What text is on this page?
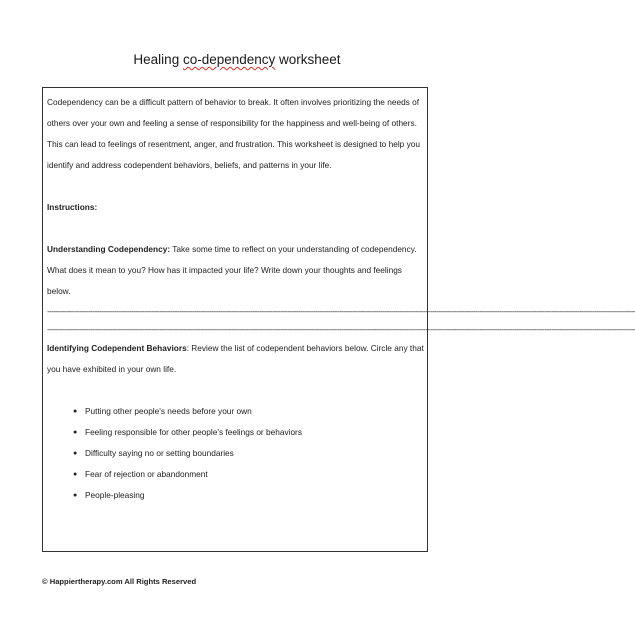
Healing co-dependency worksheet

Codependency can be a difficult pattern of behavior to break. It often involves prioritizing the needs of others over your own and feeling a sense of responsibility for the happiness and well-being of others. This can lead to feelings of resentment, anger, and frustration. This worksheet is designed to help you identify and address codependent behaviors, beliefs, and patterns in your life.

Instructions:

Understanding Codependency: Take some time to reflect on your understanding of codependency. What does it mean to you? How has it impacted your life? Write down your thoughts and feelings below.

--------------------------------------------------------------------------------------------------------------------------------------------------------------------------------------------------------------------------------------------------------------------------------
--------------------------------------------------------------------------------------------------------------------------------------------------------------------------------------------------------------------------------------------------------------------------------

Identifying Codependent Behaviors: Review the list of codependent behaviors below. Circle any that you have exhibited in your own life.

● Putting other people's needs before your own
● Feeling responsible for other people's feelings or behaviors
● Difficulty saying no or setting boundaries
● Fear of rejection or abandonment
● People-pleasing
© Happiertherapy.com All Rights Reserved
